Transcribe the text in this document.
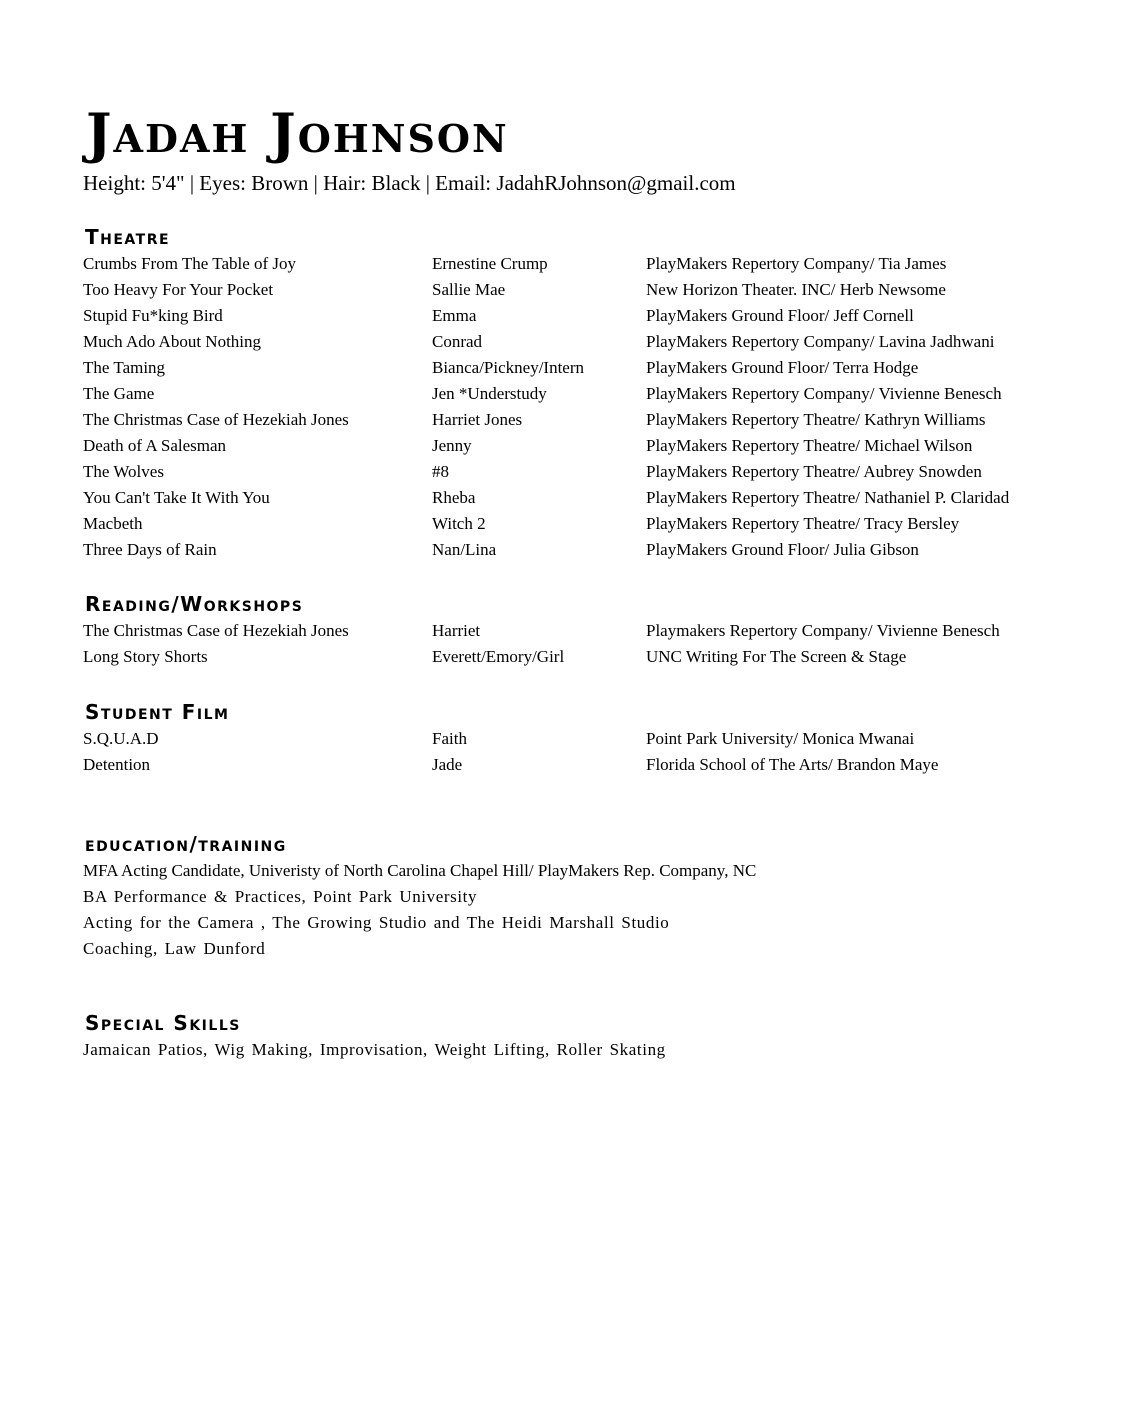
Jadah Johnson
Height: 5'4" | Eyes: Brown | Hair: Black | Email: JadahRJohnson@gmail.com
Theatre
Crumbs From The Table of Joy	Ernestine Crump	PlayMakers Repertory Company/ Tia James
Too Heavy For Your Pocket	Sallie Mae	New Horizon Theater. INC/ Herb Newsome
Stupid Fu*king Bird	Emma	PlayMakers Ground Floor/ Jeff Cornell
Much Ado About Nothing	Conrad	PlayMakers Repertory Company/ Lavina Jadhwani
The Taming	Bianca/Pickney/Intern	PlayMakers Ground Floor/ Terra Hodge
The Game	Jen *Understudy	PlayMakers Repertory Company/ Vivienne Benesch
The Christmas Case of Hezekiah Jones	Harriet Jones	PlayMakers Repertory Theatre/ Kathryn Williams
Death of A Salesman	Jenny	PlayMakers Repertory Theatre/ Michael Wilson
The Wolves	#8	PlayMakers Repertory Theatre/ Aubrey Snowden
You Can't Take It With You	Rheba	PlayMakers Repertory Theatre/ Nathaniel P. Claridad
Macbeth	Witch 2	PlayMakers Repertory Theatre/ Tracy Bersley
Three Days of Rain	Nan/Lina	PlayMakers Ground Floor/ Julia Gibson
Reading/Workshops
The Christmas Case of Hezekiah Jones	Harriet	Playmakers Repertory Company/ Vivienne Benesch
Long Story Shorts	Everett/Emory/Girl	UNC Writing For The Screen & Stage
Student Film
S.Q.U.A.D	Faith	Point Park University/ Monica Mwanai
Detention	Jade	Florida School of The Arts/ Brandon Maye
education/training
MFA Acting Candidate, Univeristy of North Carolina Chapel Hill/ PlayMakers Rep. Company, NC
BA Performance & Practices, Point Park University
Acting for the Camera , The Growing Studio and The Heidi Marshall Studio
Coaching, Law Dunford
Special Skills
Jamaican Patios, Wig Making, Improvisation, Weight Lifting, Roller Skating
